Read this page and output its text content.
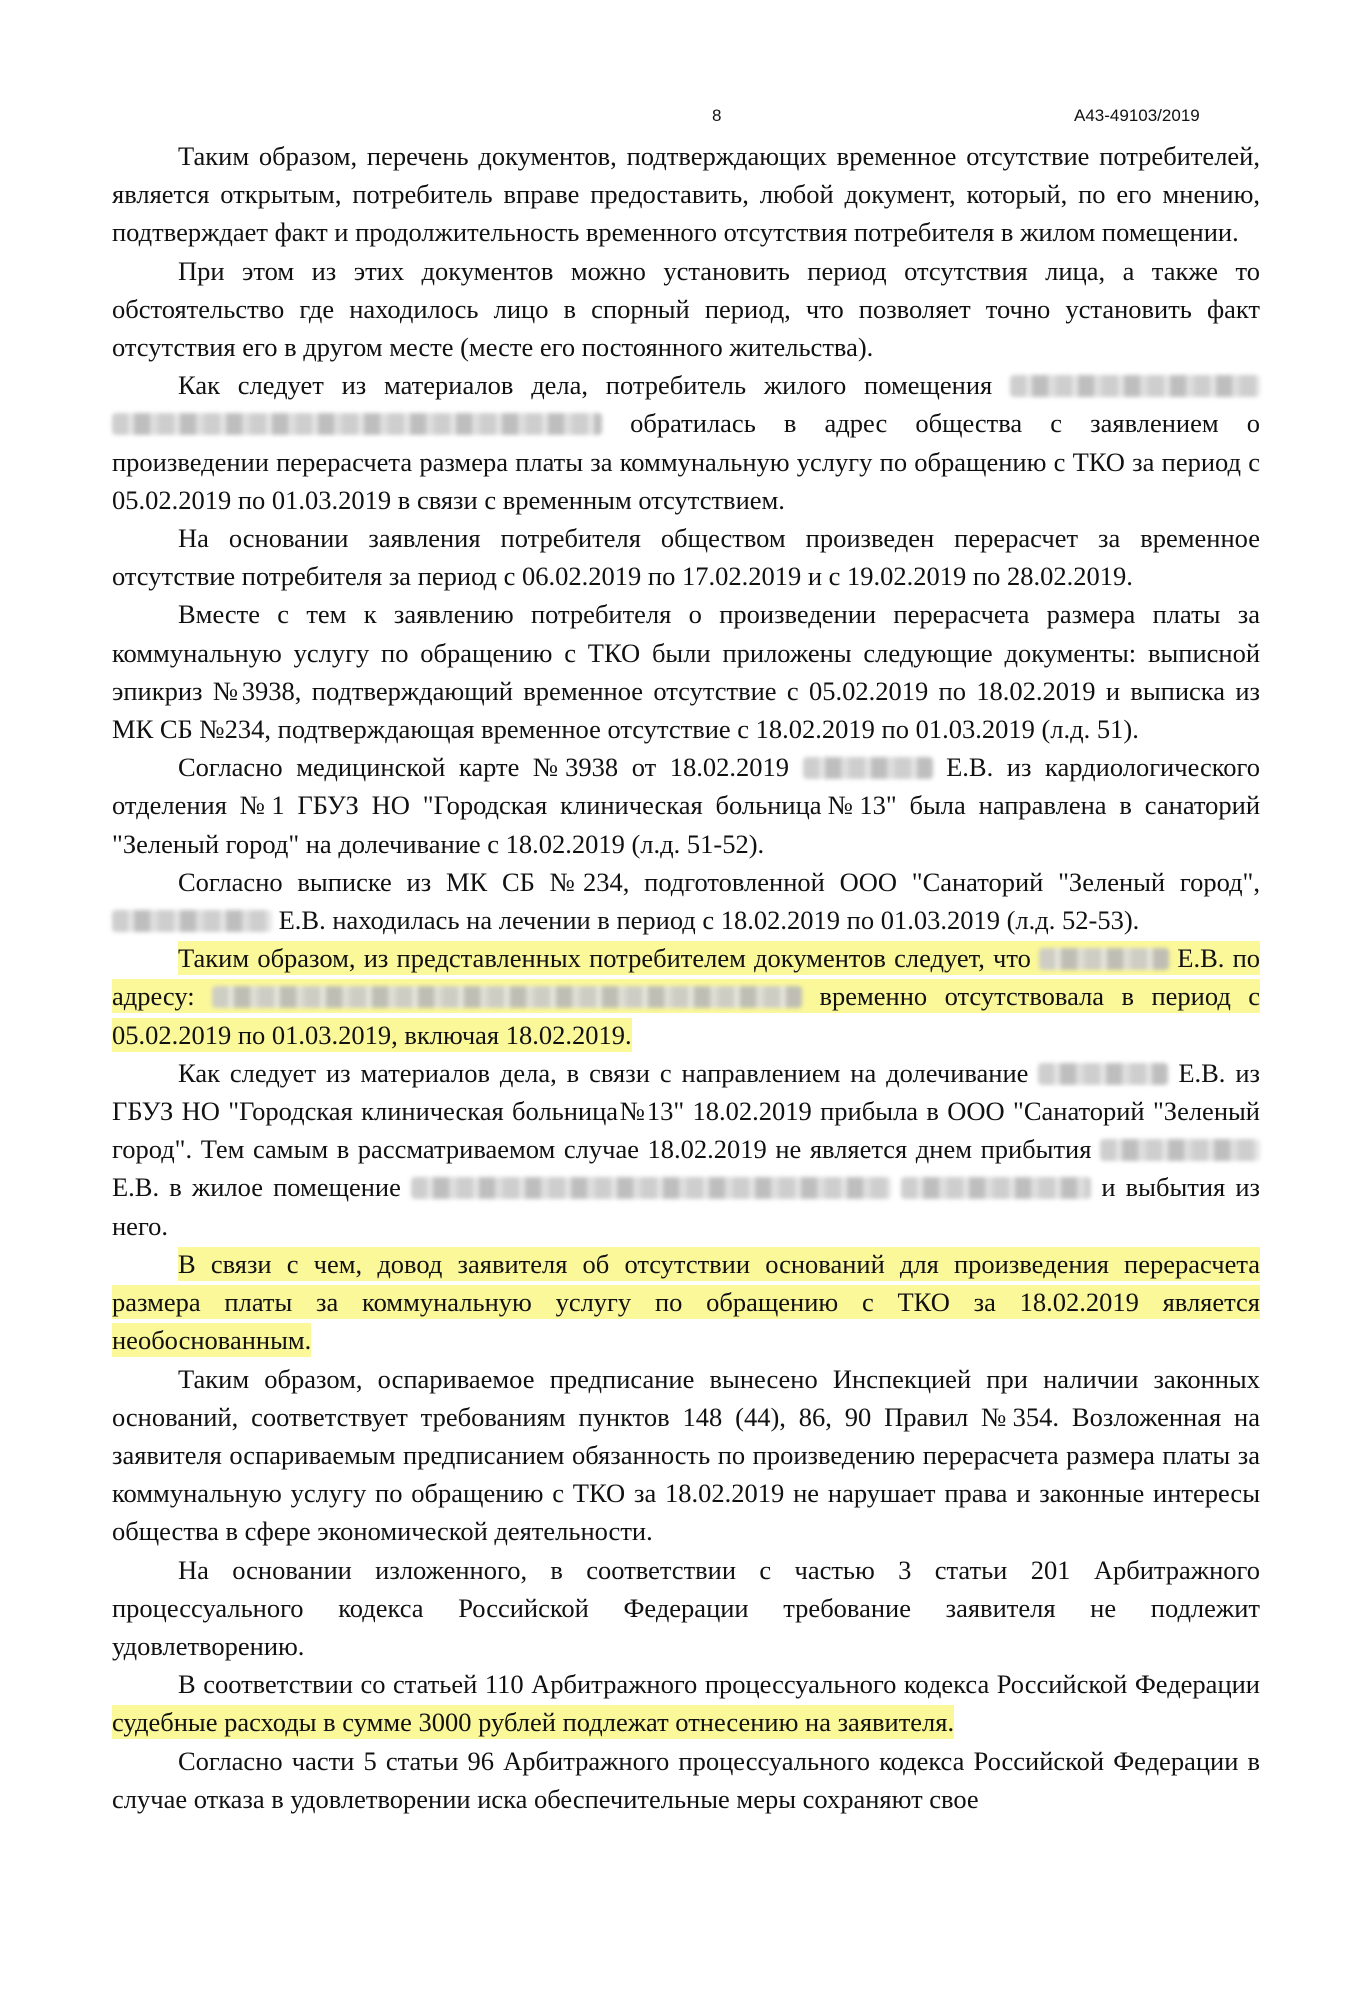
8	А43-49103/2019

Таким образом, перечень документов, подтверждающих временное отсутствие потребителей, является открытым, потребитель вправе предоставить, любой документ, который, по его мнению, подтверждает факт и продолжительность временного отсутствия потребителя в жилом помещении.

При этом из этих документов можно установить период отсутствия лица, а также то обстоятельство где находилось лицо в спорный период, что позволяет точно установить факт отсутствия его в другом месте (месте его постоянного жительства).

Как следует из материалов дела, потребитель жилого помещения   обратилась в адрес общества с заявлением о произведении перерасчета размера платы за коммунальную услугу по обращению с ТКО за период с 05.02.2019 по 01.03.2019 в связи с временным отсутствием.

На основании заявления потребителя обществом произведен перерасчет за временное отсутствие потребителя за период с 06.02.2019 по 17.02.2019 и с 19.02.2019 по 28.02.2019.

Вместе с тем к заявлению потребителя о произведении перерасчета размера платы за коммунальную услугу по обращению с ТКО были приложены следующие документы: выписной эпикриз №3938, подтверждающий временное отсутствие с 05.02.2019 по 18.02.2019 и выписка из МК СБ №234, подтверждающая временное отсутствие с 18.02.2019 по 01.03.2019 (л.д. 51).

Согласно медицинской карте №3938 от 18.02.2019	Е.В. из кардиологического отделения №1 ГБУЗ НО "Городская клиническая больница№13" была направлена в санаторий "Зеленый город" на долечивание с 18.02.2019 (л.д. 51-52).

Согласно выписке из МК СБ №234, подготовленной ООО "Санаторий "Зеленый город",  Е.В. находилась на лечении в период с 18.02.2019 по 01.03.2019 (л.д. 52-53).

Таким образом, из представленных потребителем документов следует, что	Е.В. по адресу:	временно отсутствовала в период с 05.02.2019 по 01.03.2019, включая 18.02.2019.

Как следует из материалов дела, в связи с направлением на долечивание	Е.В. из ГБУЗ НО "Городская клиническая больница№13" 18.02.2019 прибыла в ООО "Санаторий "Зеленый город". Тем самым в рассматриваемом случае 18.02.2019 не является днем прибытия  Е.В. в жилое помещение	и выбытия из него.

В связи с чем, довод заявителя об отсутствии оснований для произведения перерасчета размера платы за коммунальную услугу по обращению с ТКО за 18.02.2019 является необоснованным.

Таким образом, оспариваемое предписание вынесено Инспекцией при наличии законных оснований, соответствует требованиям пунктов 148 (44), 86, 90 Правил №354. Возложенная на заявителя оспариваемым предписанием обязанность по произведению перерасчета размера платы за коммунальную услугу по обращению с ТКО за 18.02.2019 не нарушает права и законные интересы общества в сфере экономической деятельности.

На основании изложенного, в соответствии с частью 3 статьи 201 Арбитражного процессуального кодекса Российской Федерации требование заявителя не подлежит удовлетворению.

В соответствии со статьей 110 Арбитражного процессуального кодекса Российской Федерации судебные расходы в сумме 3000 рублей подлежат отнесению на заявителя.

Согласно части 5 статьи 96 Арбитражного процессуального кодекса Российской Федерации в случае отказа в удовлетворении иска обеспечительные меры сохраняют свое
